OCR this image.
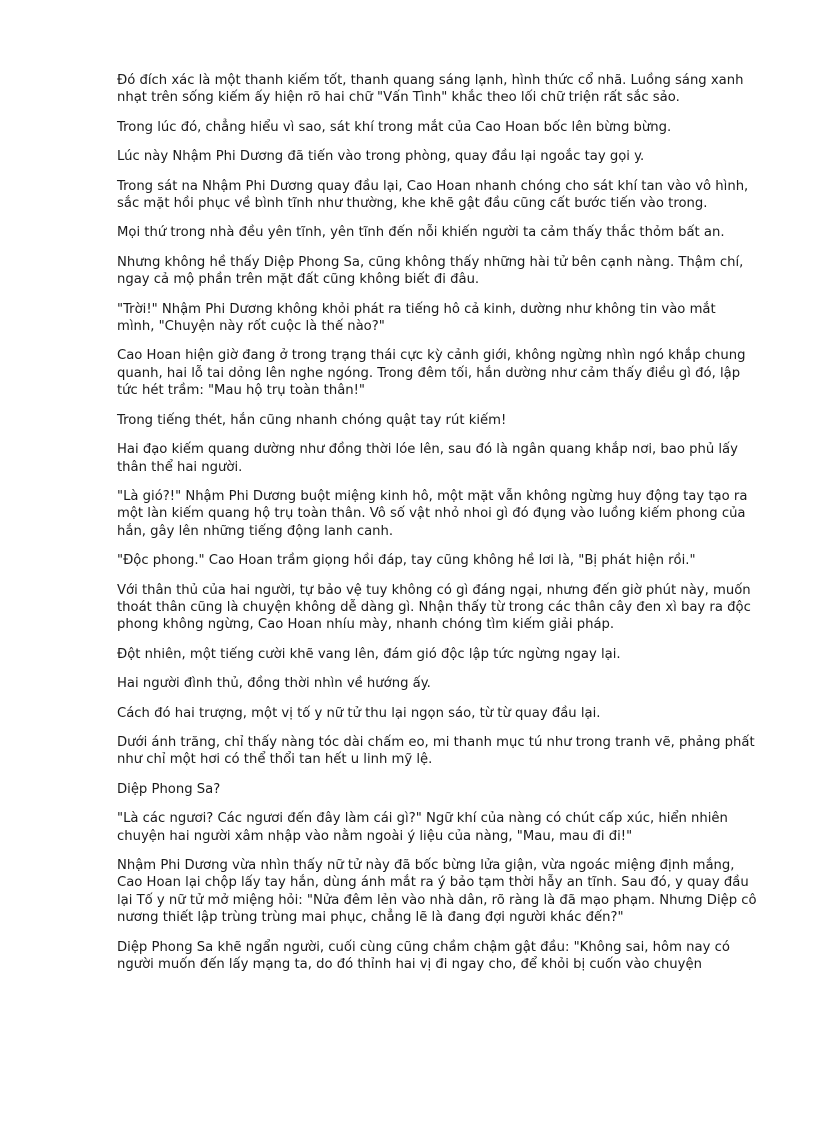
Đó đích xác là một thanh kiếm tốt, thanh quang sáng lạnh, hình thức cổ nhã. Luồng sáng xanh nhạt trên sống kiếm ấy hiện rõ hai chữ "Vấn Tình" khắc theo lối chữ triện rất sắc sảo.

Trong lúc đó, chẳng hiểu vì sao, sát khí trong mắt của Cao Hoan bốc lên bừng bừng.

Lúc này Nhậm Phi Dương đã tiến vào trong phòng, quay đầu lại ngoắc tay gọi y.

Trong sát na Nhậm Phi Dương quay đầu lại, Cao Hoan nhanh chóng cho sát khí tan vào vô hình, sắc mặt hồi phục về bình tĩnh như thường, khe khẽ gật đầu cũng cất bước tiến vào trong.

Mọi thứ trong nhà đều yên tĩnh, yên tĩnh đến nỗi khiến người ta cảm thấy thắc thỏm bất an.

Nhưng không hề thấy Diệp Phong Sa, cũng không thấy những hài tử bên cạnh nàng. Thậm chí, ngay cả mộ phần trên mặt đất cũng không biết đi đâu.

"Trời!" Nhậm Phi Dương không khỏi phát ra tiếng hô cả kinh, dường như không tin vào mắt mình, "Chuyện này rốt cuộc là thế nào?"

Cao Hoan hiện giờ đang ở trong trạng thái cực kỳ cảnh giới, không ngừng nhìn ngó khắp chung quanh, hai lỗ tai dỏng lên nghe ngóng. Trong đêm tối, hắn dường như cảm thấy điều gì đó, lập tức hét trầm: "Mau hộ trụ toàn thân!"

Trong tiếng thét, hắn cũng nhanh chóng quật tay rút kiếm!

Hai đạo kiếm quang dường như đồng thời lóe lên, sau đó là ngân quang khắp nơi, bao phủ lấy thân thể hai người.

"Là gió?!" Nhậm Phi Dương buột miệng kinh hô, một mặt vẫn không ngừng huy động tay tạo ra một làn kiếm quang hộ trụ toàn thân. Vô số vật nhỏ nhoi gì đó đụng vào luồng kiếm phong của hắn, gây lên những tiếng động lanh canh.

"Độc phong." Cao Hoan trầm giọng hồi đáp, tay cũng không hề lơi là, "Bị phát hiện rồi."

Với thân thủ của hai người, tự bảo vệ tuy không có gì đáng ngại, nhưng đến giờ phút này, muốn thoát thân cũng là chuyện không dễ dàng gì. Nhận thấy từ trong các thân cây đen xì bay ra độc phong không ngừng, Cao Hoan nhíu mày, nhanh chóng tìm kiếm giải pháp.

Đột nhiên, một tiếng cười khẽ vang lên, đám gió độc lập tức ngừng ngay lại.

Hai người đình thủ, đồng thời nhìn về hướng ấy.

Cách đó hai trượng, một vị tố y nữ tử thu lại ngọn sáo, từ từ quay đầu lại.

Dưới ánh trăng, chỉ thấy nàng tóc dài chấm eo, mi thanh mục tú như trong tranh vẽ, phảng phất như chỉ một hơi có thể thổi tan hết u linh mỹ lệ.

Diệp Phong Sa?

"Là các ngươi? Các ngươi đến đây làm cái gì?" Ngữ khí của nàng có chút cấp xúc, hiển nhiên chuyện hai người xâm nhập vào nằm ngoài ý liệu của nàng, "Mau, mau đi đi!"

Nhậm Phi Dương vừa nhìn thấy nữ tử này đã bốc bừng lửa giận, vừa ngoác miệng định mắng, Cao Hoan lại chộp lấy tay hắn, dùng ánh mắt ra ý bảo tạm thời hẫy an tĩnh. Sau đó, y quay đầu lại Tố y nữ tử mở miệng hỏi: "Nửa đêm lẻn vào nhà dân, rõ ràng là đã mạo phạm. Nhưng Diệp cô nương thiết lập trùng trùng mai phục, chẳng lẽ là đang đợi người khác đến?"

Diệp Phong Sa khẽ ngẩn người, cuối cùng cũng chầm chậm gật đầu: "Không sai, hôm nay có người muốn đến lấy mạng ta, do đó thỉnh hai vị đi ngay cho, để khỏi bị cuốn vào chuyện
